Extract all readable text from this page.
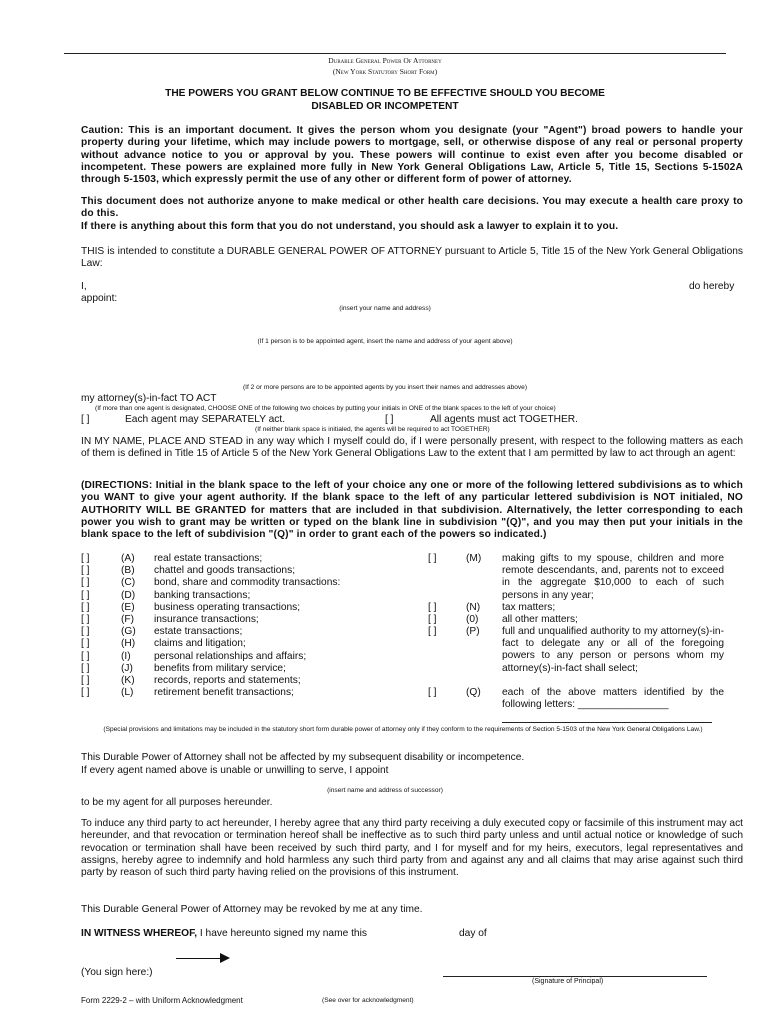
Durable General Power Of Attorney
(New York Statutory Short Form)
THE POWERS YOU GRANT BELOW CONTINUE TO BE EFFECTIVE SHOULD YOU BECOME DISABLED OR INCOMPETENT
Caution: This is an important document. It gives the person whom you designate (your "Agent") broad powers to handle your property during your lifetime, which may include powers to mortgage, sell, or otherwise dispose of any real or personal property without advance notice to you or approval by you. These powers will continue to exist even after you become disabled or incompetent. These powers are explained more fully in New York General Obligations Law, Article 5, Title 15, Sections 5-1502A through 5-1503, which expressly permit the use of any other or different form of power of attorney.
This document does not authorize anyone to make medical or other health care decisions. You may execute a health care proxy to do this.
If there is anything about this form that you do not understand, you should ask a lawyer to explain it to you.
THIS is intended to constitute a DURABLE GENERAL POWER OF ATTORNEY pursuant to Article 5, Title 15 of the New York General Obligations Law:
I,	do hereby
appoint:
(insert your name and address)
(If 1 person is to be appointed agent, insert the name and address of your agent above)
(If 2 or more persons are to be appointed agents by you insert their names and addresses above)
my attorney(s)-in-fact TO ACT
(If more than one agent is designated, CHOOSE ONE of the following two choices by putting your initials in ONE of the blank spaces to the left of your choice)
[ ]	Each agent may SEPARATELY act.	[ ]	All agents must act TOGETHER.
(If neither blank space is initialed, the agents will be required to act TOGETHER)
IN MY NAME, PLACE AND STEAD in any way which I myself could do, if I were personally present, with respect to the following matters as each of them is defined in Title 15 of Article 5 of the New York General Obligations Law to the extent that I am permitted by law to act through an agent:
(DIRECTIONS: Initial in the blank space to the left of your choice any one or more of the following lettered subdivisions as to which you WANT to give your agent authority. If the blank space to the left of any particular lettered subdivision is NOT initialed, NO AUTHORITY WILL BE GRANTED for matters that are included in that subdivision. Alternatively, the letter corresponding to each power you wish to grant may be written or typed on the blank line in subdivision "(Q)", and you may then put your initials in the blank space to the left of subdivision "(Q)" in order to grant each of the powers so indicated.)
[ ]	(A) real estate transactions;
[ ]	(B) chattel and goods transactions;
[ ]	(C) bond, share and commodity transactions:
[ ]	(D) banking transactions;
[ ]	(E) business operating transactions;
[ ]	(F) insurance transactions;
[ ]	(G) estate transactions;
[ ]	(H) claims and litigation;
[ ]	(I) personal relationships and affairs;
[ ]	(J) benefits from military service;
[ ]	(K) records, reports and statements;
[ ]	(L) retirement benefit transactions;
[ ]	(M) making gifts to my spouse, children and more remote descendants, and, parents not to exceed in the aggregate $10,000 to each of such persons in any year;
[ ]	(N) tax matters;
[ ]	(0) all other matters;
[ ]	(P) full and unqualified authority to my attorney(s)-in-fact to delegate any or all of the foregoing powers to any person or persons whom my attorney(s)-in-fact shall select;
[ ]	(Q) each of the above matters identified by the following letters: ________________
(Special provisions and limitations may be included in the statutory short form durable power of attorney only if they conform to the requirements of Section 5-1503 of the New York General Obligations Law.)
This Durable Power of Attorney shall not be affected by my subsequent disability or incompetence.
If every agent named above is unable or unwilling to serve, I appoint
(insert name and address of successor)
to be my agent for all purposes hereunder.
To induce any third party to act hereunder, I hereby agree that any third party receiving a duly executed copy or facsimile of this instrument may act hereunder, and that revocation or termination hereof shall be ineffective as to such third party unless and until actual notice or knowledge of such revocation or termination shall have been received by such third party, and I for myself and for my heirs, executors, legal representatives and assigns, hereby agree to indemnify and hold harmless any such third party from and against any and all claims that may arise against such third party by reason of such third party having relied on the provisions of this instrument.
This Durable General Power of Attorney may be revoked by me at any time.
IN WITNESS WHEREOF, I have hereunto signed my name this	day of
(You sign here:)
(Signature of Principal)
Form 2229-2 – with Uniform Acknowledgment	(See over for acknowledgment)
